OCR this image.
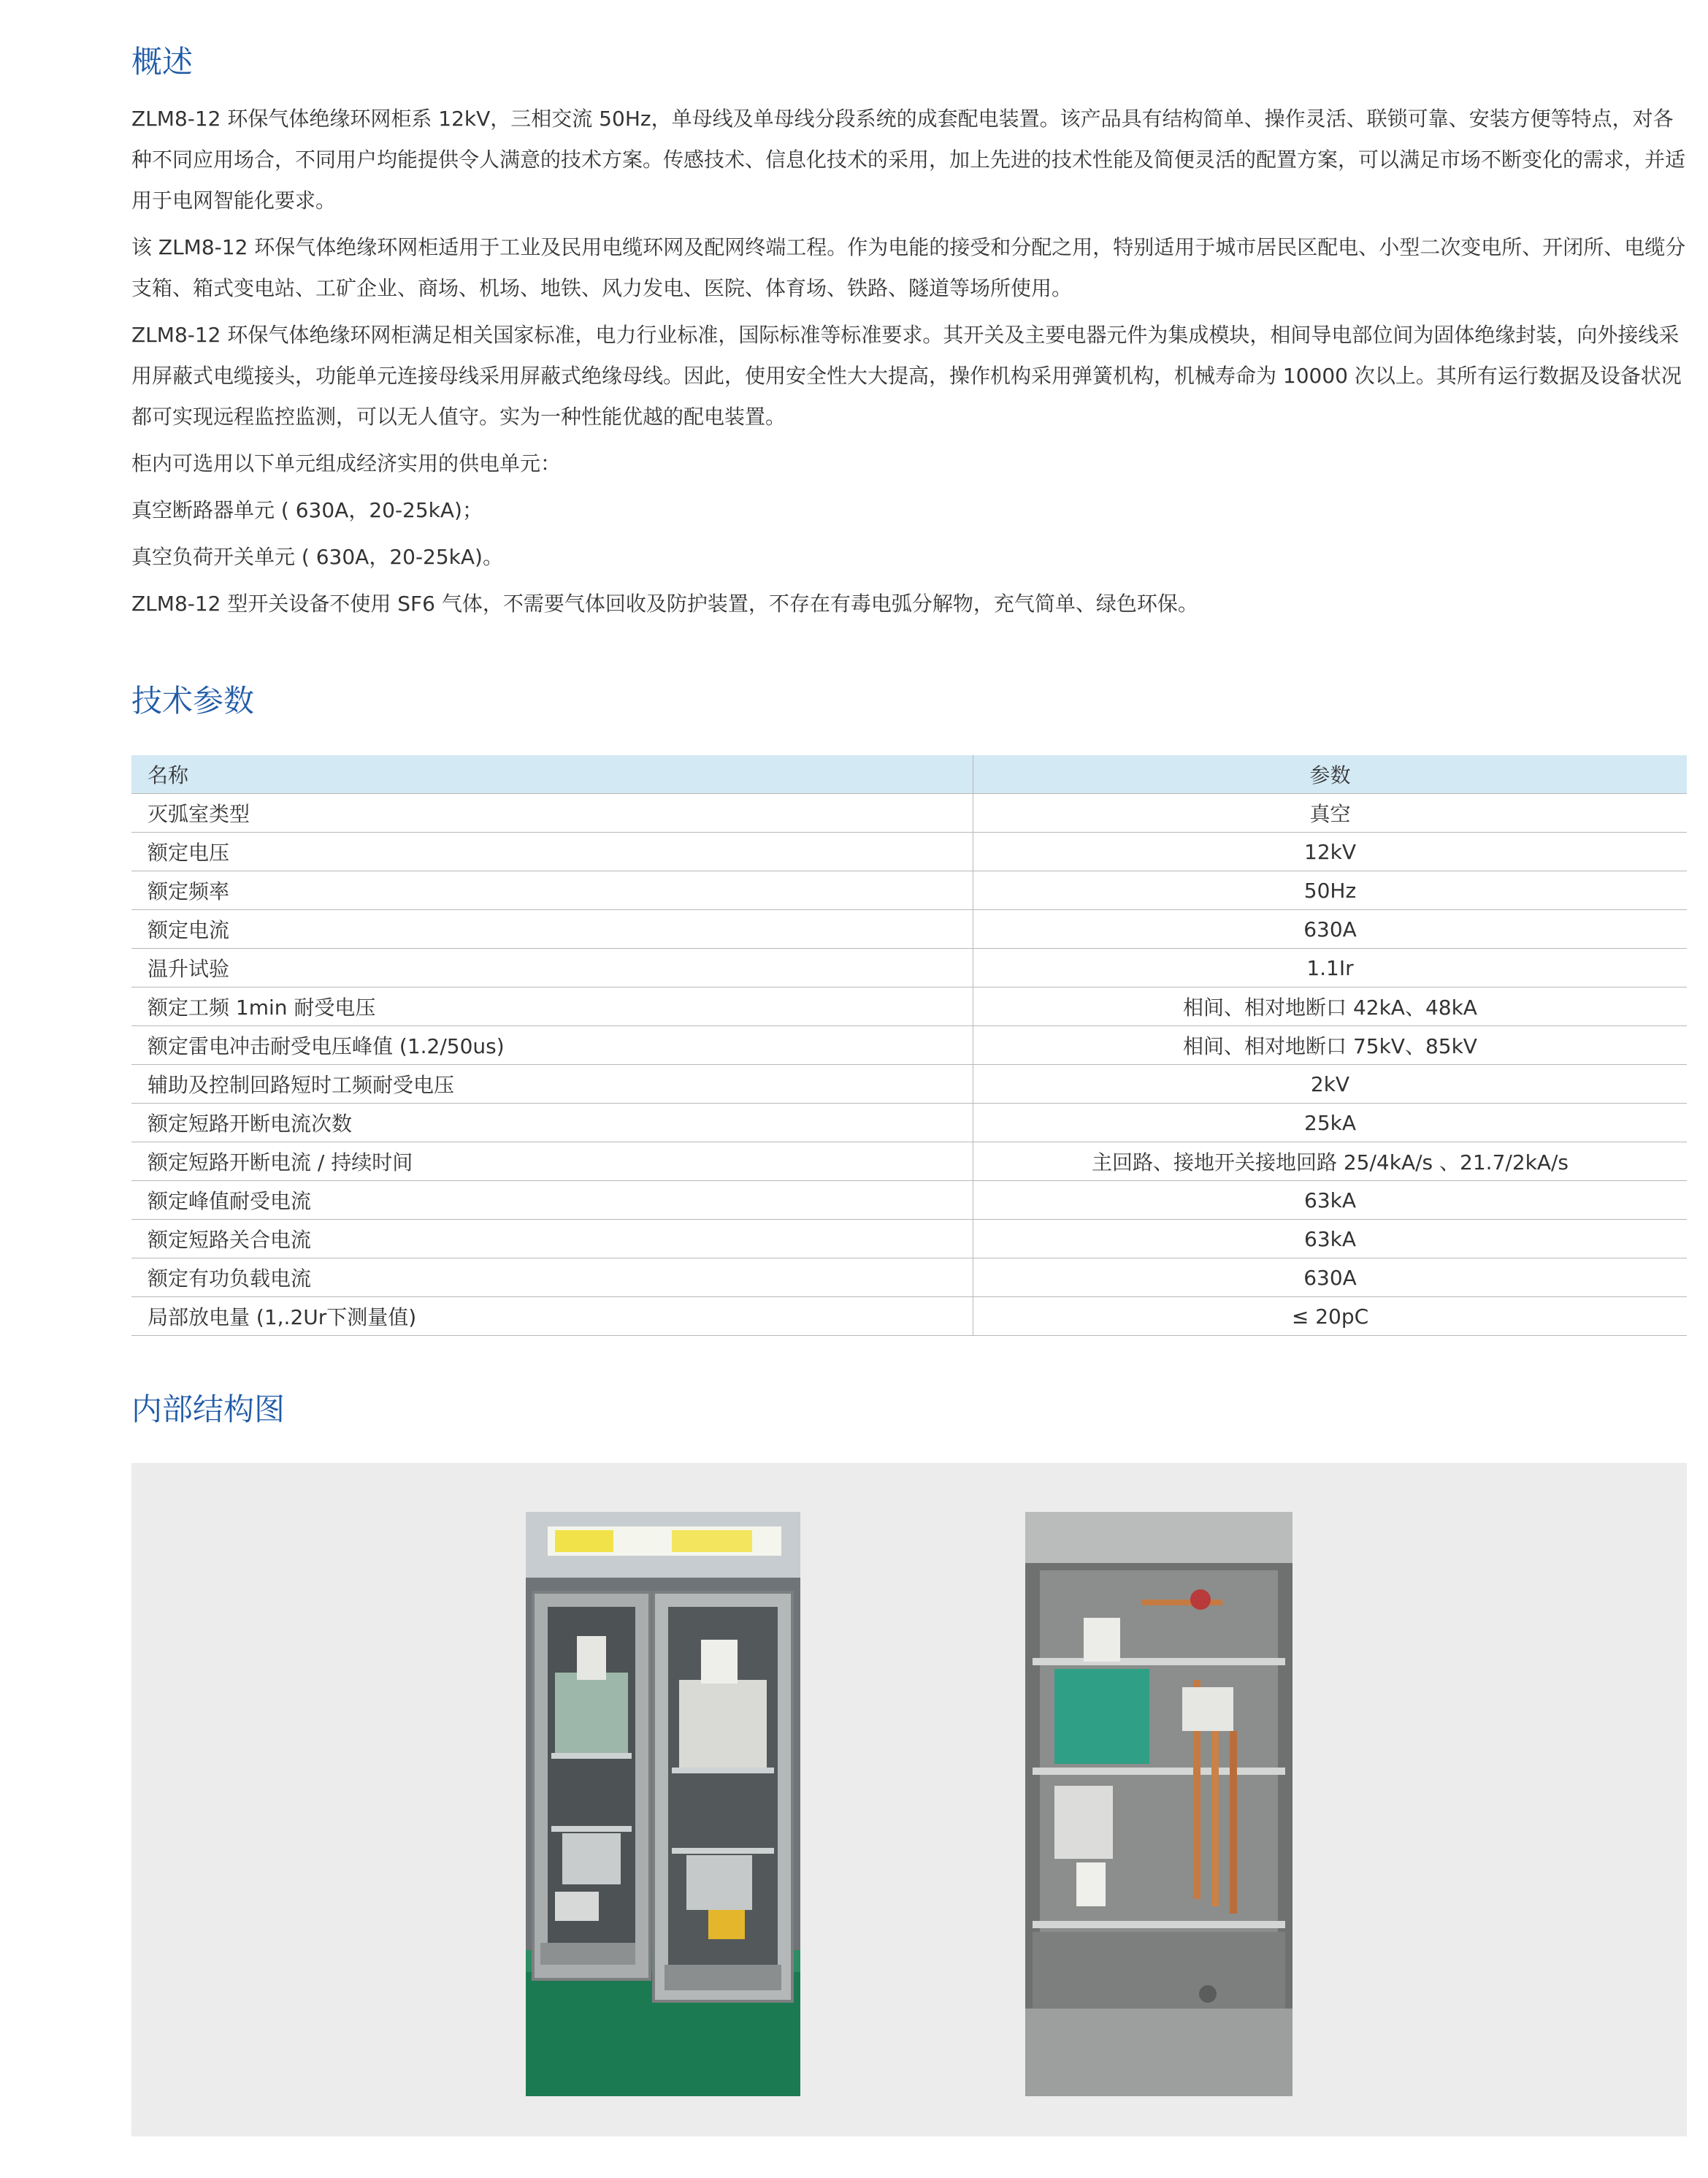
概述

ZLM8-12 环保气体绝缘环网柜系 12kV，三相交流 50Hz，单母线及单母线分段系统的成套配电装置。该产品具有结构简单、操作灵活、联锁可靠、安装方便等特点，对各种不同应用场合，不同用户均能提供令人满意的技术方案。传感技术、信息化技术的采用，加上先进的技术性能及简便灵活的配置方案，可以满足市场不断变化的需求，并适用于电网智能化要求。

该 ZLM8-12 环保气体绝缘环网柜适用于工业及民用电缆环网及配网终端工程。作为电能的接受和分配之用，特别适用于城市居民区配电、小型二次变电所、开闭所、电缆分支箱、箱式变电站、工矿企业、商场、机场、地铁、风力发电、医院、体育场、铁路、隧道等场所使用。

ZLM8-12 环保气体绝缘环网柜满足相关国家标准，电力行业标准，国际标准等标准要求。其开关及主要电器元件为集成模块，相间导电部位间为固体绝缘封装，向外接线采用屏蔽式电缆接头，功能单元连接母线采用屏蔽式绝缘母线。因此，使用安全性大大提高，操作机构采用弹簧机构，机械寿命为 10000 次以上。其所有运行数据及设备状况都可实现远程监控监测，可以无人值守。实为一种性能优越的配电装置。

柜内可选用以下单元组成经济实用的供电单元：

真空断路器单元 ( 630A，20-25kA)；

真空负荷开关单元 ( 630A，20-25kA)。

ZLM8-12 型开关设备不使用 SF6 气体，不需要气体回收及防护装置，不存在有毒电弧分解物，充气简单、绿色环保。

技术参数
名称	参数
灭弧室类型	真空
额定电压	12kV
额定频率	50Hz
额定电流	630A
温升试验	1.1Ir
额定工频 1min 耐受电压	相间、相对地断口 42kA、48kA
额定雷电冲击耐受电压峰值 (1.2/50us)	相间、相对地断口 75kV、85kV
辅助及控制回路短时工频耐受电压	2kV
额定短路开断电流次数	25kA
额定短路开断电流 / 持续时间	主回路、接地开关接地回路 25/4kA/s 、21.7/2kA/s
额定峰值耐受电流	63kA
额定短路关合电流	63kA
额定有功负载电流	630A
局部放电量 (1,.2Ur下测量值)	≤ 20pC
内部结构图
